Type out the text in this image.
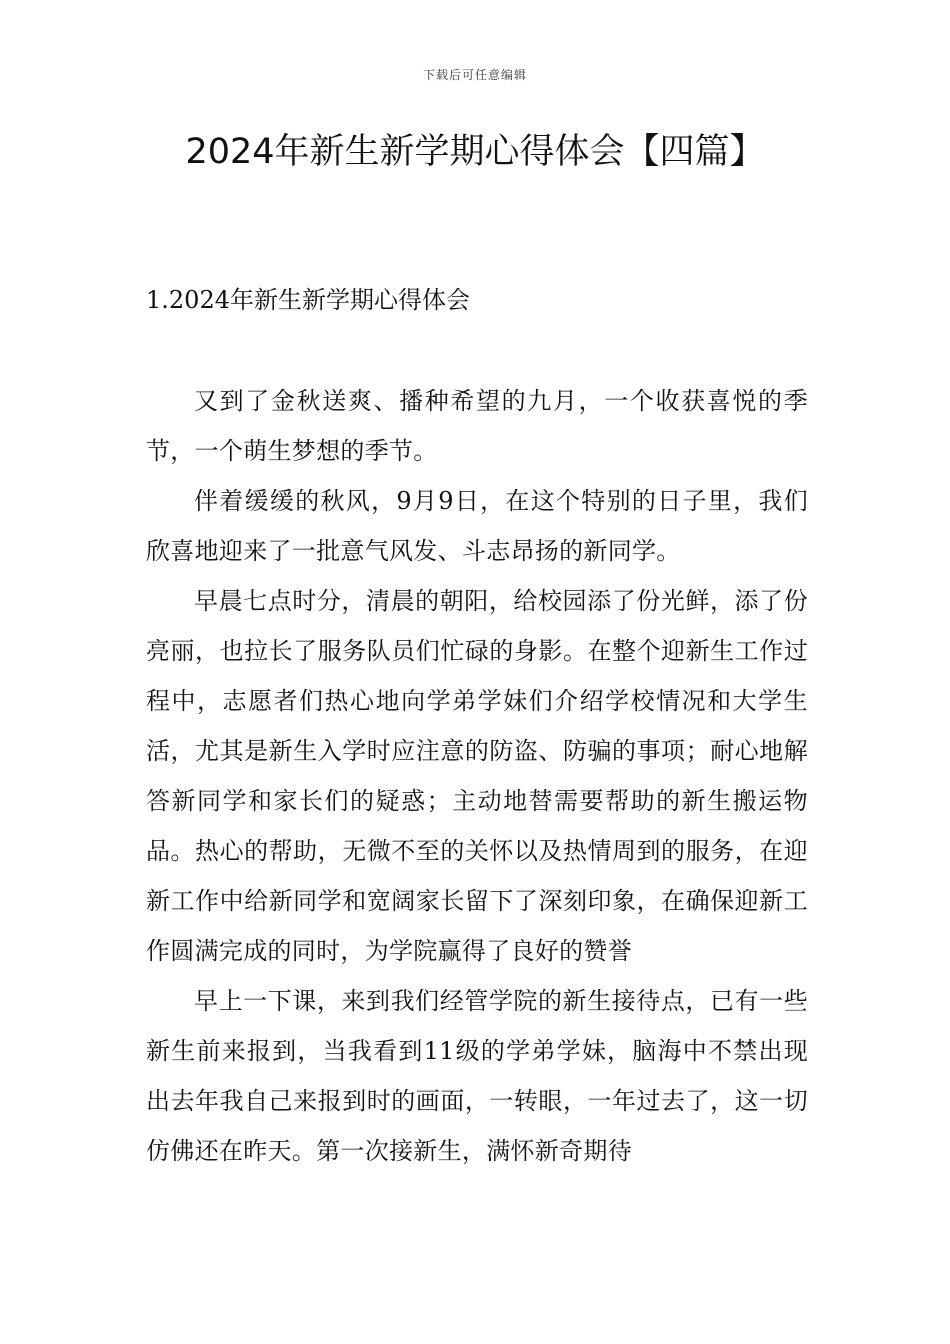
下载后可任意编辑
2024年新生新学期心得体会【四篇】
1.2024年新生新学期心得体会

又到了金秋送爽、播种希望的九月，一个收获喜悦的季节，一个萌生梦想的季节。

伴着缓缓的秋风，9月9日，在这个特别的日子里，我们欣喜地迎来了一批意气风发、斗志昂扬的新同学。

早晨七点时分，清晨的朝阳，给校园添了份光鲜，添了份亮丽，也拉长了服务队员们忙碌的身影。在整个迎新生工作过程中，志愿者们热心地向学弟学妹们介绍学校情况和大学生活，尤其是新生入学时应注意的防盗、防骗的事项；耐心地解答新同学和家长们的疑惑；主动地替需要帮助的新生搬运物品。热心的帮助，无微不至的关怀以及热情周到的服务，在迎新工作中给新同学和宽阔家长留下了深刻印象，在确保迎新工作圆满完成的同时，为学院赢得了良好的赞誉

早上一下课，来到我们经管学院的新生接待点，已有一些新生前来报到，当我看到11级的学弟学妹，脑海中不禁出现出去年我自己来报到时的画面，一转眼，一年过去了，这一切仿佛还在昨天。第一次接新生，满怀新奇期待
